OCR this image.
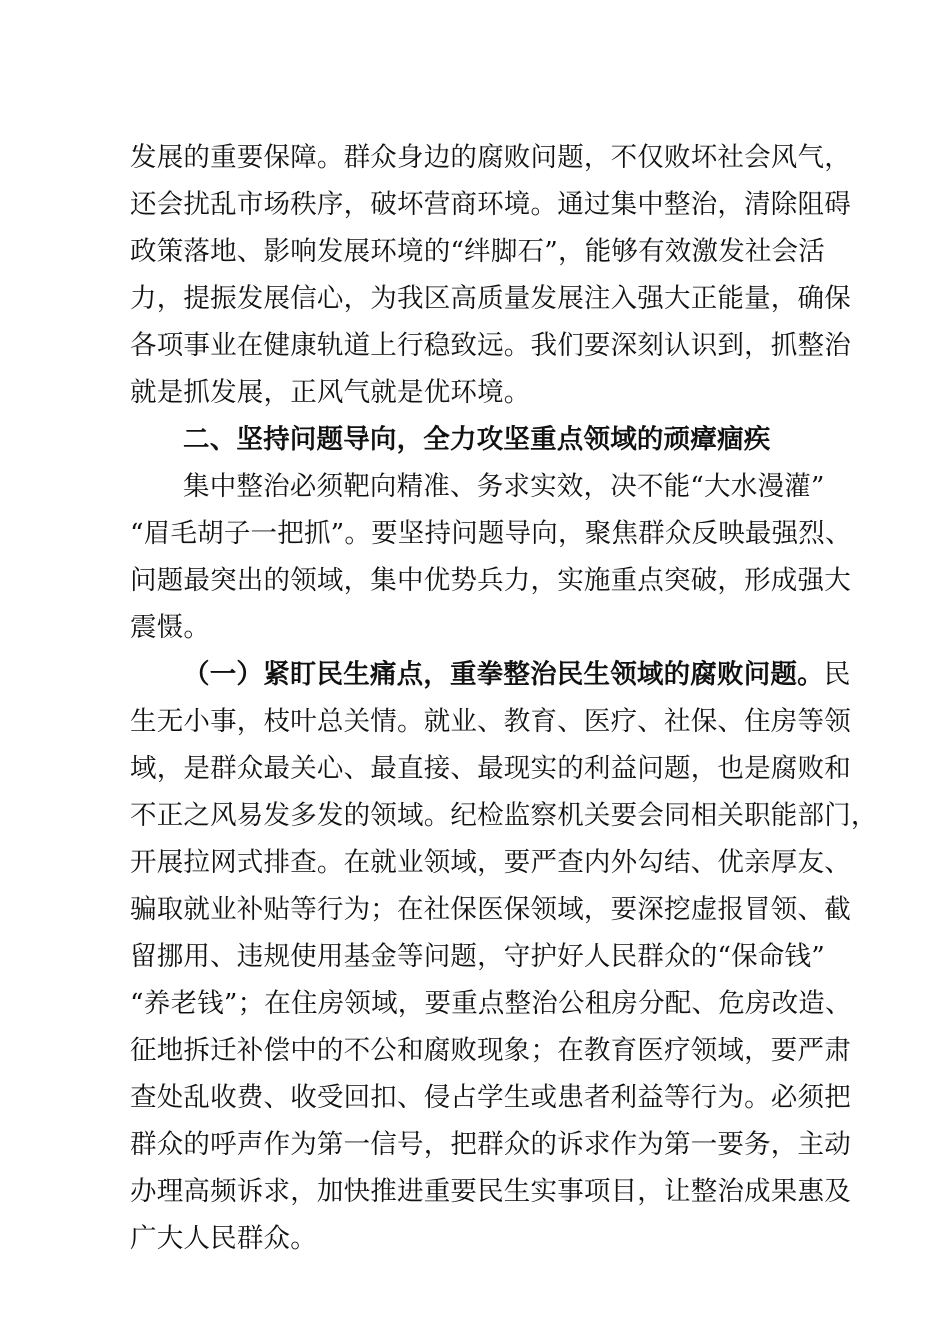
发展的重要保障。群众身边的腐败问题，不仅败坏社会风气，
还会扰乱市场秩序，破坏营商环境。通过集中整治，清除阻碍
政策落地、影响发展环境的“绊脚石”，能够有效激发社会活
力，提振发展信心，为我区高质量发展注入强大正能量，确保
各项事业在健康轨道上行稳致远。我们要深刻认识到，抓整治
就是抓发展，正风气就是优环境。
二、坚持问题导向，全力攻坚重点领域的顽瘴痼疾
集中整治必须靶向精准、务求实效，决不能“大水漫灌”
“眉毛胡子一把抓”。要坚持问题导向，聚焦群众反映最强烈、
问题最突出的领域，集中优势兵力，实施重点突破，形成强大
震慑。
（一）紧盯民生痛点，重拳整治民生领域的腐败问题。民
生无小事，枝叶总关情。就业、教育、医疗、社保、住房等领
域，是群众最关心、最直接、最现实的利益问题，也是腐败和
不正之风易发多发的领域。纪检监察机关要会同相关职能部门，
开展拉网式排查。在就业领域，要严查内外勾结、优亲厚友、
骗取就业补贴等行为；在社保医保领域，要深挖虚报冒领、截
留挪用、违规使用基金等问题，守护好人民群众的“保命钱”
“养老钱”；在住房领域，要重点整治公租房分配、危房改造、
征地拆迁补偿中的不公和腐败现象；在教育医疗领域，要严肃
查处乱收费、收受回扣、侵占学生或患者利益等行为。必须把
群众的呼声作为第一信号，把群众的诉求作为第一要务，主动
办理高频诉求，加快推进重要民生实事项目，让整治成果惠及
广大人民群众。
